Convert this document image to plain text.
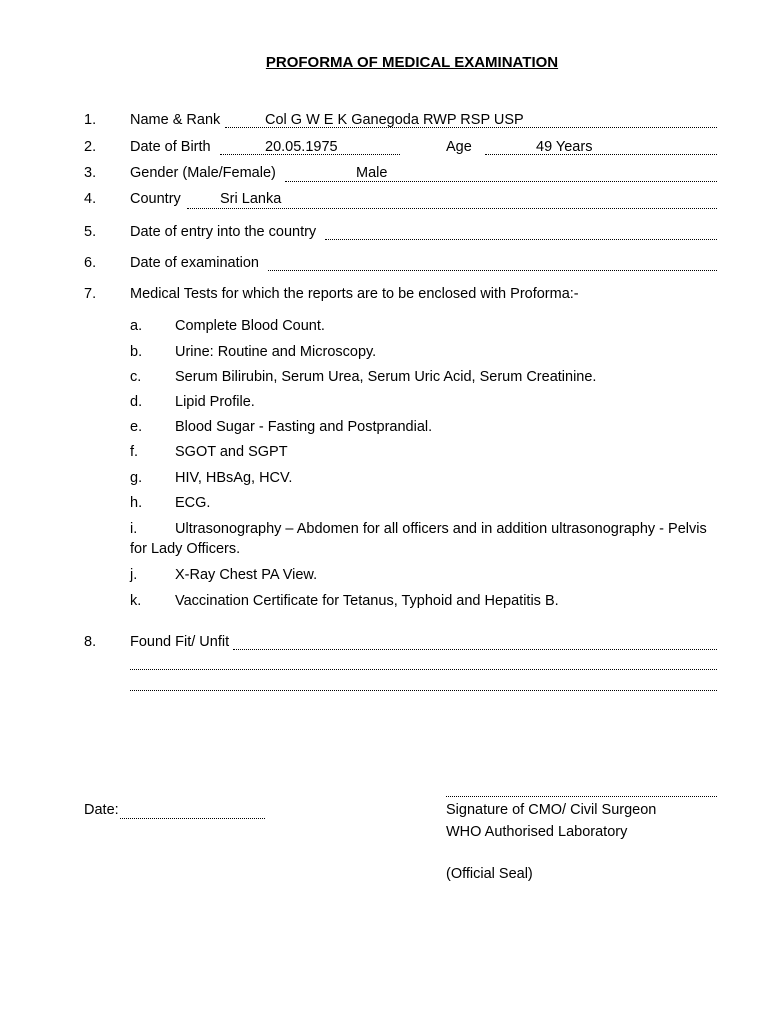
PROFORMA OF MEDICAL EXAMINATION
1. Name & Rank	Col G W E K Ganegoda RWP RSP USP
2. Date of Birth	20.05.1975	Age	49 Years
3. Gender (Male/Female)	Male
4. Country	Sri Lanka
5. Date of entry into the country
6. Date of examination
7. Medical Tests for which the reports are to be enclosed with Proforma:-
a. Complete Blood Count.
b. Urine: Routine and Microscopy.
c. Serum Bilirubin, Serum Urea, Serum Uric Acid, Serum Creatinine.
d. Lipid Profile.
e. Blood Sugar - Fasting and Postprandial.
f.	SGOT and SGPT
g. HIV, HBsAg, HCV.
h. ECG.
i.	Ultrasonography – Abdomen for all officers and in addition ultrasonography - Pelvis
for Lady Officers.
j.	X-Ray Chest PA View.
k. Vaccination Certificate for Tetanus, Typhoid and Hepatitis B.
8. Found Fit/ Unfit
Date:	Signature of CMO/ Civil Surgeon
WHO Authorised Laboratory
(Official Seal)
